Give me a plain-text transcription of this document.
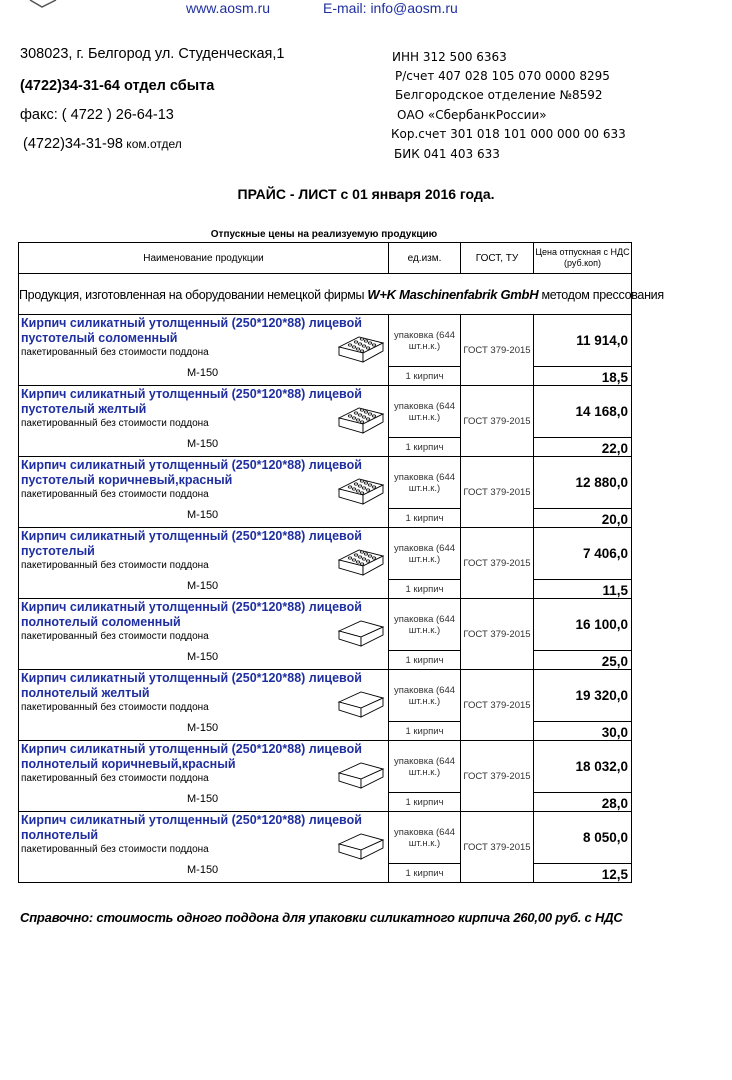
www.aosm.ru	E-mail: info@aosm.ru
308023, г. Белгород ул. Студенческая,1
(4722)34-31-64 отдел сбыта
факс: ( 4722 ) 26-64-13
(4722)34-31-98 ком.отдел
ИНН 312 500 6363
Р/счет 407 028 105 070 0000 8295
Белгородское отделение №8592
ОАО «СбербанкРоссии»
Кор.счет 301 018 101 000 000 00 633
БИК 041 403 633
ПРАЙС - ЛИСТ с 01 января 2016 года.
Отпускные цены на реализуемую продукцию
Наименование продукции	ед.изм.	ГОСТ, ТУ	Цена отпускная с НДС (руб.коп)
Продукция, изготовленная на оборудовании немецкой фирмы W+K Maschinenfabrik GmbH методом прессования			

Кирпич силикатный утолщенный (250*120*88) лицевой
пустотелый соломенный
пакетированный без стоимости поддона
М-150	упаковка (644 шт.н.к.)	ГОСТ 379-2015	11 914,0
	1 кирпич		18,5

Кирпич силикатный утолщенный (250*120*88) лицевой
пустотелый желтый
пакетированный без стоимости поддона
М-150	упаковка (644 шт.н.к.)	ГОСТ 379-2015	14 168,0
	1 кирпич		22,0

Кирпич силикатный утолщенный (250*120*88) лицевой
пустотелый коричневый,красный
пакетированный без стоимости поддона
М-150	упаковка (644 шт.н.к.)	ГОСТ 379-2015	12 880,0
	1 кирпич		20,0

Кирпич силикатный утолщенный (250*120*88) лицевой
пустотелый
пакетированный без стоимости поддона
М-150	упаковка (644 шт.н.к.)	ГОСТ 379-2015	7 406,0
	1 кирпич		11,5

Кирпич силикатный утолщенный (250*120*88) лицевой
полнотелый соломенный
пакетированный без стоимости поддона
М-150	упаковка (644 шт.н.к.)	ГОСТ 379-2015	16 100,0
	1 кирпич		25,0

Кирпич силикатный утолщенный (250*120*88) лицевой
полнотелый желтый
пакетированный без стоимости поддона
М-150	упаковка (644 шт.н.к.)	ГОСТ 379-2015	19 320,0
	1 кирпич		30,0

Кирпич силикатный утолщенный (250*120*88) лицевой
полнотелый коричневый,красный
пакетированный без стоимости поддона
М-150	упаковка (644 шт.н.к.)	ГОСТ 379-2015	18 032,0
	1 кирпич		28,0

Кирпич силикатный утолщенный (250*120*88) лицевой
полнотелый
пакетированный без стоимости поддона
М-150	упаковка (644 шт.н.к.)	ГОСТ 379-2015	8 050,0
	1 кирпич		12,5
Справочно: стоимость одного поддона для упаковки силикатного кирпича 260,00 руб. с НДС
